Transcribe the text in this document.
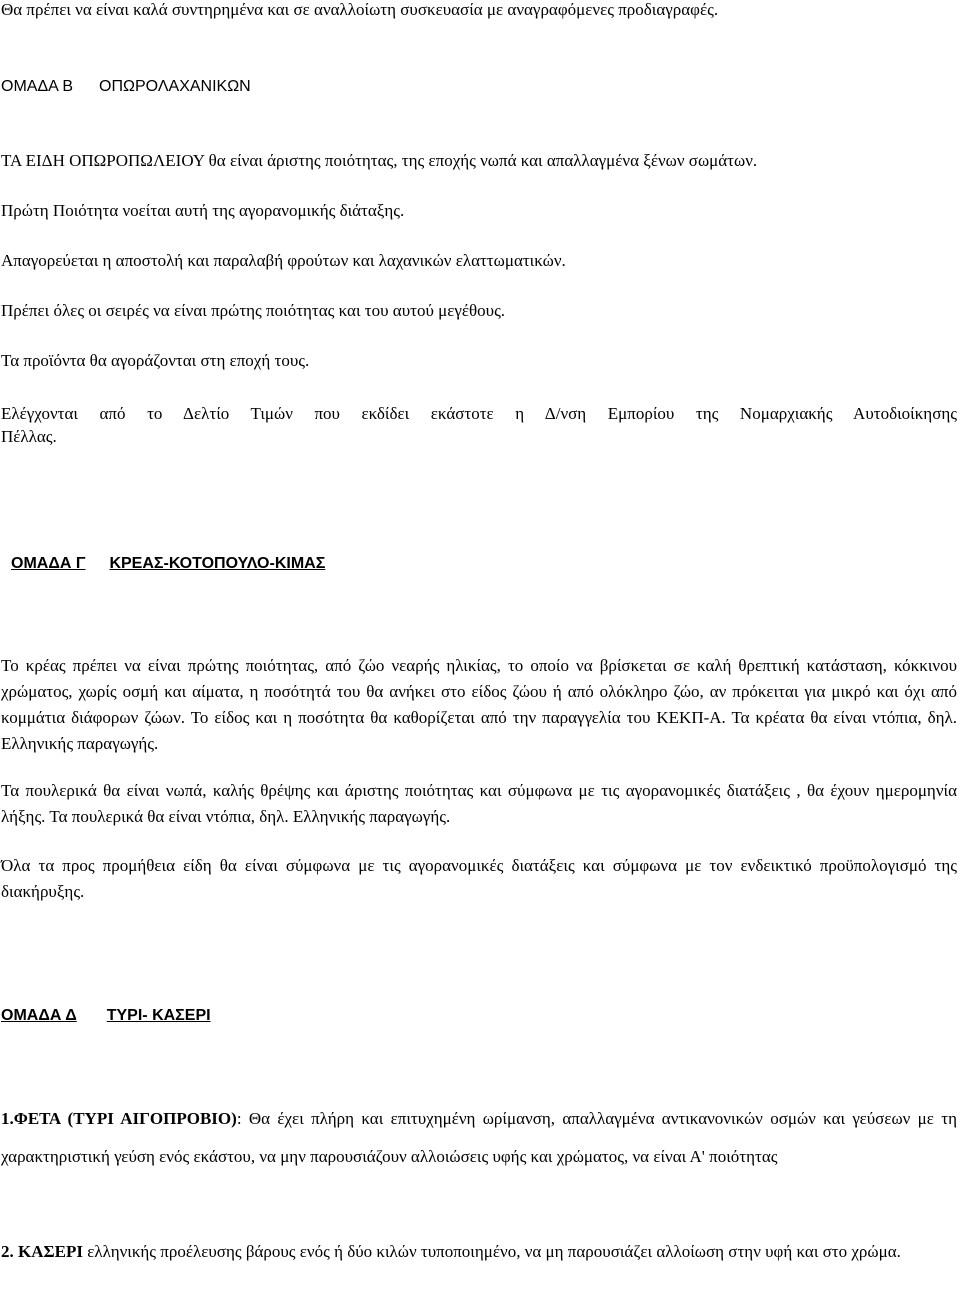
Θα πρέπει να είναι καλά συντηρημένα και σε αναλλοίωτη συσκευασία με αναγραφόμενες προδιαγραφές.
ΟΜΑΔΑ Β ΟΠΩΡΟΛΑΧΑΝΙΚΩΝ
ΤΑ ΕΙΔΗ ΟΠΩΡΟΠΩΛΕΙΟΥ θα είναι άριστης ποιότητας, της εποχής νωπά και απαλλαγμένα ξένων σωμάτων.
Πρώτη Ποιότητα νοείται αυτή της αγορανομικής διάταξης.
Απαγορεύεται η αποστολή και παραλαβή φρούτων και λαχανικών ελαττωματικών.
Πρέπει όλες οι σειρές να είναι πρώτης ποιότητας και του αυτού μεγέθους.
Τα προϊόντα θα αγοράζονται στη εποχή τους.
Ελέγχονται από το Δελτίο Τιμών που εκδίδει εκάστοτε η Δ/νση Εμπορίου της Νομαρχιακής Αυτοδιοίκησης
Πέλλας.
ΟΜΑΔΑ Γ ΚΡΕΑΣ-ΚΟΤΟΠΟΥΛΟ-ΚΙΜΑΣ
Το κρέας πρέπει να είναι πρώτης ποιότητας, από ζώο νεαρής ηλικίας, το οποίο να βρίσκεται σε καλή θρεπτική κατάσταση, κόκκινου χρώματος, χωρίς οσμή και αίματα, η ποσότητά του θα ανήκει στο είδος ζώου ή από ολόκληρο ζώο, αν πρόκειται για μικρό και όχι από κομμάτια διάφορων ζώων. Το είδος και η ποσότητα θα καθορίζεται από την παραγγελία του ΚΕΚΠ-Α. Τα κρέατα θα είναι ντόπια, δηλ. Ελληνικής παραγωγής.
Τα πουλερικά θα είναι νωπά, καλής θρέψης και άριστης ποιότητας και σύμφωνα με τις αγορανομικές διατάξεις , θα έχουν ημερομηνία λήξης. Τα πουλερικά θα είναι ντόπια, δηλ. Ελληνικής παραγωγής.
Όλα τα προς προμήθεια είδη θα είναι σύμφωνα με τις αγορανομικές διατάξεις και σύμφωνα με τον ενδεικτικό προϋπολογισμό της διακήρυξης.
ΟΜΑΔΑ Δ ΤΥΡΙ- ΚΑΣΕΡΙ
1.ΦΕΤΑ (ΤΥΡΙ ΑΙΓΟΠΡΟΒΙΟ): Θα έχει πλήρη και επιτυχημένη ωρίμανση, απαλλαγμένα αντικανονικών οσμών και γεύσεων με τη χαρακτηριστική γεύση ενός εκάστου, να μην παρουσιάζουν αλλοιώσεις υφής και χρώματος, να είναι Α' ποιότητας
2. ΚΑΣΕΡΙ ελληνικής προέλευσης βάρους ενός ή δύο κιλών τυποποιημένο, να μη παρουσιάζει αλλοίωση στην υφή και στο χρώμα.
